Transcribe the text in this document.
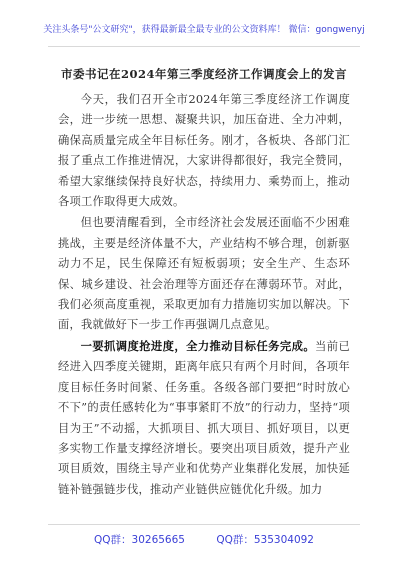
关注头条号"公文研究"，获得最新最全最专业的公文资料库！ 微信：gongwenyj
市委书记在2024年第三季度经济工作调度会上的发言

今天，我们召开全市2024年第三季度经济工作调度会，进一步统一思想、凝聚共识，加压奋进、全力冲刺，确保高质量完成全年目标任务。刚才，各板块、各部门汇报了重点工作推进情况，大家讲得都很好，我完全赞同，希望大家继续保持良好状态，持续用力、乘势而上，推动各项工作取得更大成效。

但也要清醒看到，全市经济社会发展还面临不少困难挑战，主要是经济体量不大，产业结构不够合理，创新驱动力不足，民生保障还有短板弱项；安全生产、生态环保、城乡建设、社会治理等方面还存在薄弱环节。对此，我们必须高度重视，采取更加有力措施切实加以解决。下面，我就做好下一步工作再强调几点意见。

一要抓调度抢进度，全力推动目标任务完成。当前已经进入四季度关键期，距离年底只有两个月时间，各项年度目标任务时间紧、任务重。各级各部门要把“时时放心不下”的责任感转化为“事事紧盯不放”的行动力，坚持“项目为王”不动摇，大抓项目、抓大项目、抓好项目，以更多实物工作量支撑经济增长。要突出项目质效，提升产业项目质效，围绕主导产业和优势产业集群化发展，加快延链补链强链步伐，推动产业链供应链优化升级。加力

QQ群：30265665	QQ群：535304092
